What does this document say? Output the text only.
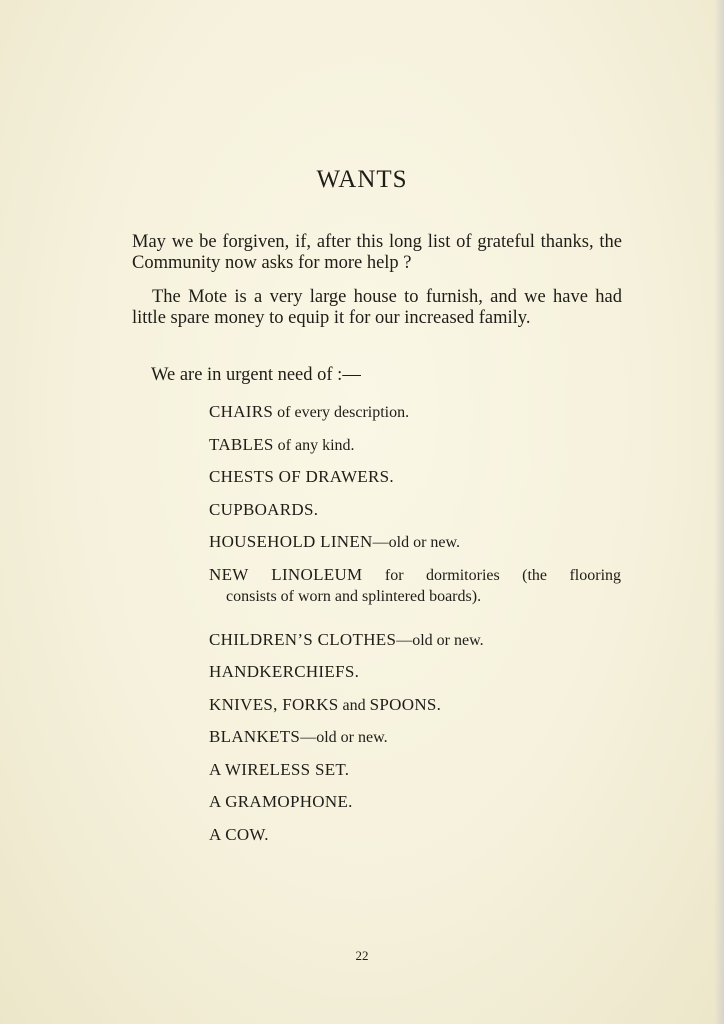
WANTS
May we be forgiven, if, after this long list of grateful thanks, the Community now asks for more help ?
The Mote is a very large house to furnish, and we have had little spare money to equip it for our increased family.
We are in urgent need of :—
CHAIRS of every description.
TABLES of any kind.
CHESTS OF DRAWERS.
CUPBOARDS.
HOUSEHOLD LINEN—old or new.
NEW LINOLEUM for dormitories (the flooring
consists of worn and splintered boards).
CHILDREN’S CLOTHES—old or new.
HANDKERCHIEFS.
KNIVES, FORKS and SPOONS.
BLANKETS—old or new.
A WIRELESS SET.
A GRAMOPHONE.
A COW.
22
